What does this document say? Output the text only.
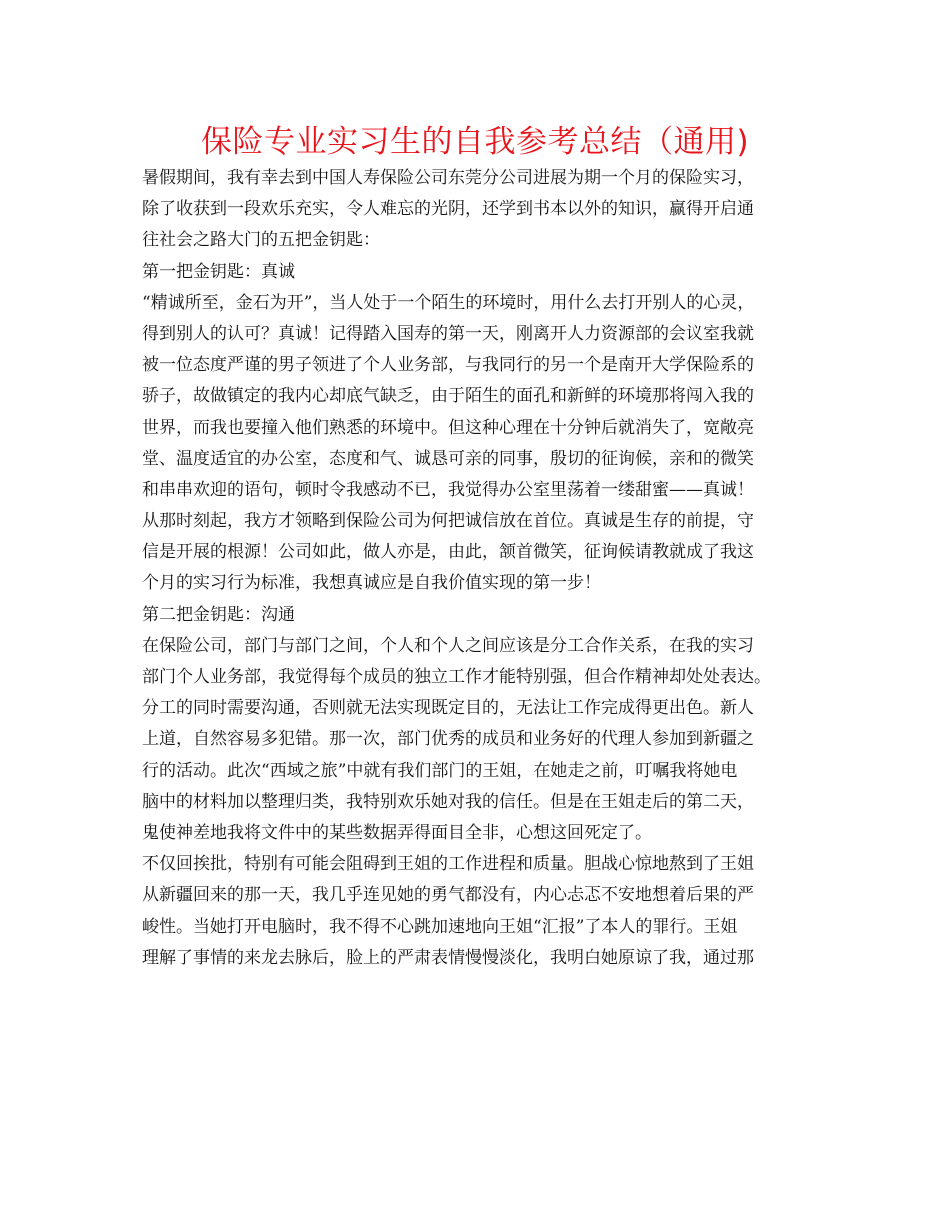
保险专业实习生的自我参考总结（通用)
暑假期间，我有幸去到中国人寿保险公司东莞分公司进展为期一个月的保险实习，
除了收获到一段欢乐充实，令人难忘的光阴，还学到书本以外的知识，赢得开启通
往社会之路大门的五把金钥匙：
第一把金钥匙：真诚
“精诚所至，金石为开”，当人处于一个陌生的环境时，用什么去打开别人的心灵，
得到别人的认可？真诚！记得踏入国寿的第一天，刚离开人力资源部的会议室我就
被一位态度严谨的男子领进了个人业务部，与我同行的另一个是南开大学保险系的
骄子，故做镇定的我内心却底气缺乏，由于陌生的面孔和新鲜的环境那将闯入我的
世界，而我也要撞入他们熟悉的环境中。但这种心理在十分钟后就消失了，宽敞亮
堂、温度适宜的办公室，态度和气、诚恳可亲的同事，殷切的征询候，亲和的微笑
和串串欢迎的语句，顿时令我感动不已，我觉得办公室里荡着一缕甜蜜——真诚！
从那时刻起，我方才领略到保险公司为何把诚信放在首位。真诚是生存的前提，守
信是开展的根源！公司如此，做人亦是，由此，颔首微笑，征询候请教就成了我这
个月的实习行为标准，我想真诚应是自我价值实现的第一步！
第二把金钥匙：沟通
在保险公司，部门与部门之间，个人和个人之间应该是分工合作关系，在我的实习
部门个人业务部，我觉得每个成员的独立工作才能特别强，但合作精神却处处表达。
分工的同时需要沟通，否则就无法实现既定目的，无法让工作完成得更出色。新人
上道，自然容易多犯错。那一次，部门优秀的成员和业务好的代理人参加到新疆之
行的活动。此次“西域之旅”中就有我们部门的王姐，在她走之前，叮嘱我将她电
脑中的材料加以整理归类，我特别欢乐她对我的信任。但是在王姐走后的第二天，
鬼使神差地我将文件中的某些数据弄得面目全非，心想这回死定了。
不仅回挨批，特别有可能会阻碍到王姐的工作进程和质量。胆战心惊地熬到了王姐
从新疆回来的那一天，我几乎连见她的勇气都没有，内心忐忑不安地想着后果的严
峻性。当她打开电脑时，我不得不心跳加速地向王姐“汇报”了本人的罪行。王姐
理解了事情的来龙去脉后，脸上的严肃表情慢慢淡化，我明白她原谅了我，通过那
